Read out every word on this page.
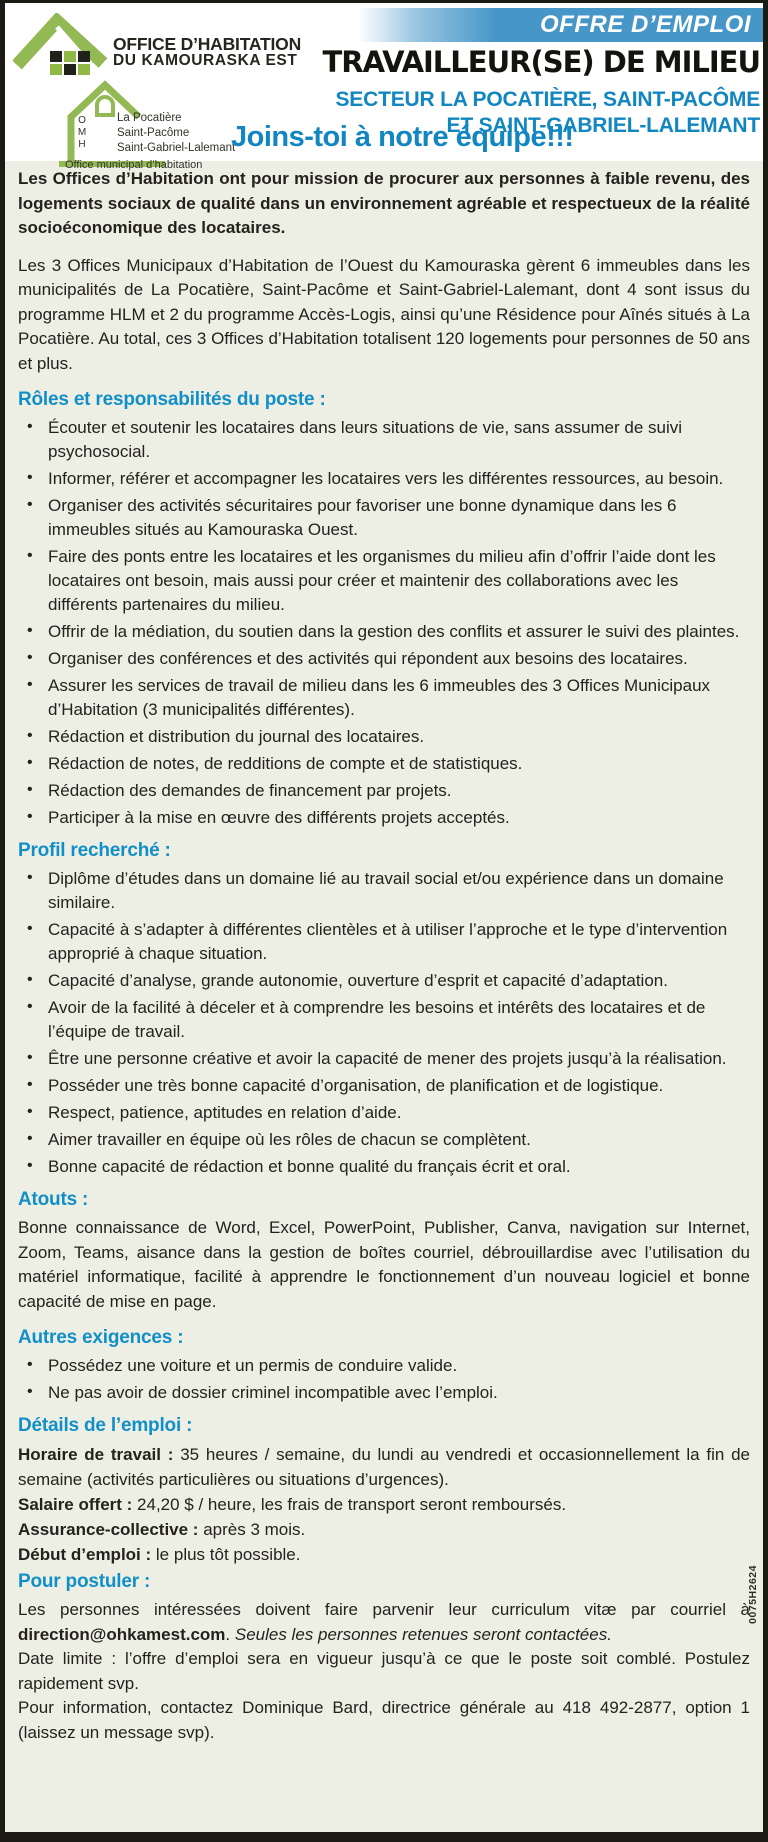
OFFRE D’EMPLOI
OFFICE D’HABITATION
DU KAMOURASKA EST TRAVAILLEUR(SE) DE MILIEU
SECTEUR LA POCATIÈRE, SAINT-PACÔME
ET SAINT-GABRIEL-LALEMANT
O
M
H
La Pocatière
Saint-Pacôme
Saint-Gabriel-Lalemant
Office municipal d’habitation
Joins-toi à notre équipe!!!

Les Offices d’Habitation ont pour mission de procurer aux personnes à faible revenu, des logements sociaux de qualité dans un environnement agréable et respectueux de la réalité socioéconomique des locataires.

Les 3 Offices Municipaux d’Habitation de l’Ouest du Kamouraska gèrent 6 immeubles dans les municipalités de La Pocatière, Saint-Pacôme et Saint-Gabriel-Lalemant, dont 4 sont issus du programme HLM et 2 du programme Accès-Logis, ainsi qu’une Résidence pour Aînés situés à La Pocatière. Au total, ces 3 Offices d’Habitation totalisent 120 logements pour personnes de 50 ans et plus.

Rôles et responsabilités du poste :
• Écouter et soutenir les locataires dans leurs situations de vie, sans assumer de suivi psychosocial.
• Informer, référer et accompagner les locataires vers les différentes ressources, au besoin.
• Organiser des activités sécuritaires pour favoriser une bonne dynamique dans les 6 immeubles situés au Kamouraska Ouest.
• Faire des ponts entre les locataires et les organismes du milieu afin d’offrir l’aide dont les locataires ont besoin, mais aussi pour créer et maintenir des collaborations avec les différents partenaires du milieu.
• Offrir de la médiation, du soutien dans la gestion des conflits et assurer le suivi des plaintes.
• Organiser des conférences et des activités qui répondent aux besoins des locataires.
• Assurer les services de travail de milieu dans les 6 immeubles des 3 Offices Municipaux d’Habitation (3 municipalités différentes).
• Rédaction et distribution du journal des locataires.
• Rédaction de notes, de redditions de compte et de statistiques.
• Rédaction des demandes de financement par projets.
• Participer à la mise en œuvre des différents projets acceptés.
Profil recherché :
• Diplôme d’études dans un domaine lié au travail social et/ou expérience dans un domaine similaire.
• Capacité à s’adapter à différentes clientèles et à utiliser l’approche et le type d’intervention approprié à chaque situation.
• Capacité d’analyse, grande autonomie, ouverture d’esprit et capacité d’adaptation.
• Avoir de la facilité à déceler et à comprendre les besoins et intérêts des locataires et de l’équipe de travail.
• Être une personne créative et avoir la capacité de mener des projets jusqu’à la réalisation.
• Posséder une très bonne capacité d’organisation, de planification et de logistique.
• Respect, patience, aptitudes en relation d’aide.
• Aimer travailler en équipe où les rôles de chacun se complètent.
• Bonne capacité de rédaction et bonne qualité du français écrit et oral.
Atouts :

Bonne connaissance de Word, Excel, PowerPoint, Publisher, Canva, navigation sur Internet, Zoom, Teams, aisance dans la gestion de boîtes courriel, débrouillardise avec l’utilisation du matériel informatique, facilité à apprendre le fonctionnement d’un nouveau logiciel et bonne capacité de mise en page.

Autres exigences :
• Possédez une voiture et un permis de conduire valide.
• Ne pas avoir de dossier criminel incompatible avec l’emploi.
Détails de l’emploi :

Horaire de travail : 35 heures / semaine, du lundi au vendredi et occasionnellement la fin de semaine (activités particulières ou situations d’urgences).

Salaire offert : 24,20 $ / heure, les frais de transport seront remboursés.

Assurance-collective : après 3 mois.

Début d’emploi : le plus tôt possible.

Pour postuler :

Les personnes intéressées doivent faire parvenir leur curriculum vitæ par courriel à direction@ohkamest.com. Seules les personnes retenues seront contactées.

Date limite : l’offre d’emploi sera en vigueur jusqu’à ce que le poste soit comblé. Postulez rapidement svp.

Pour information, contactez Dominique Bard, directrice générale au 418 492-2877, option 1 (laissez un message svp).

0075H2624
